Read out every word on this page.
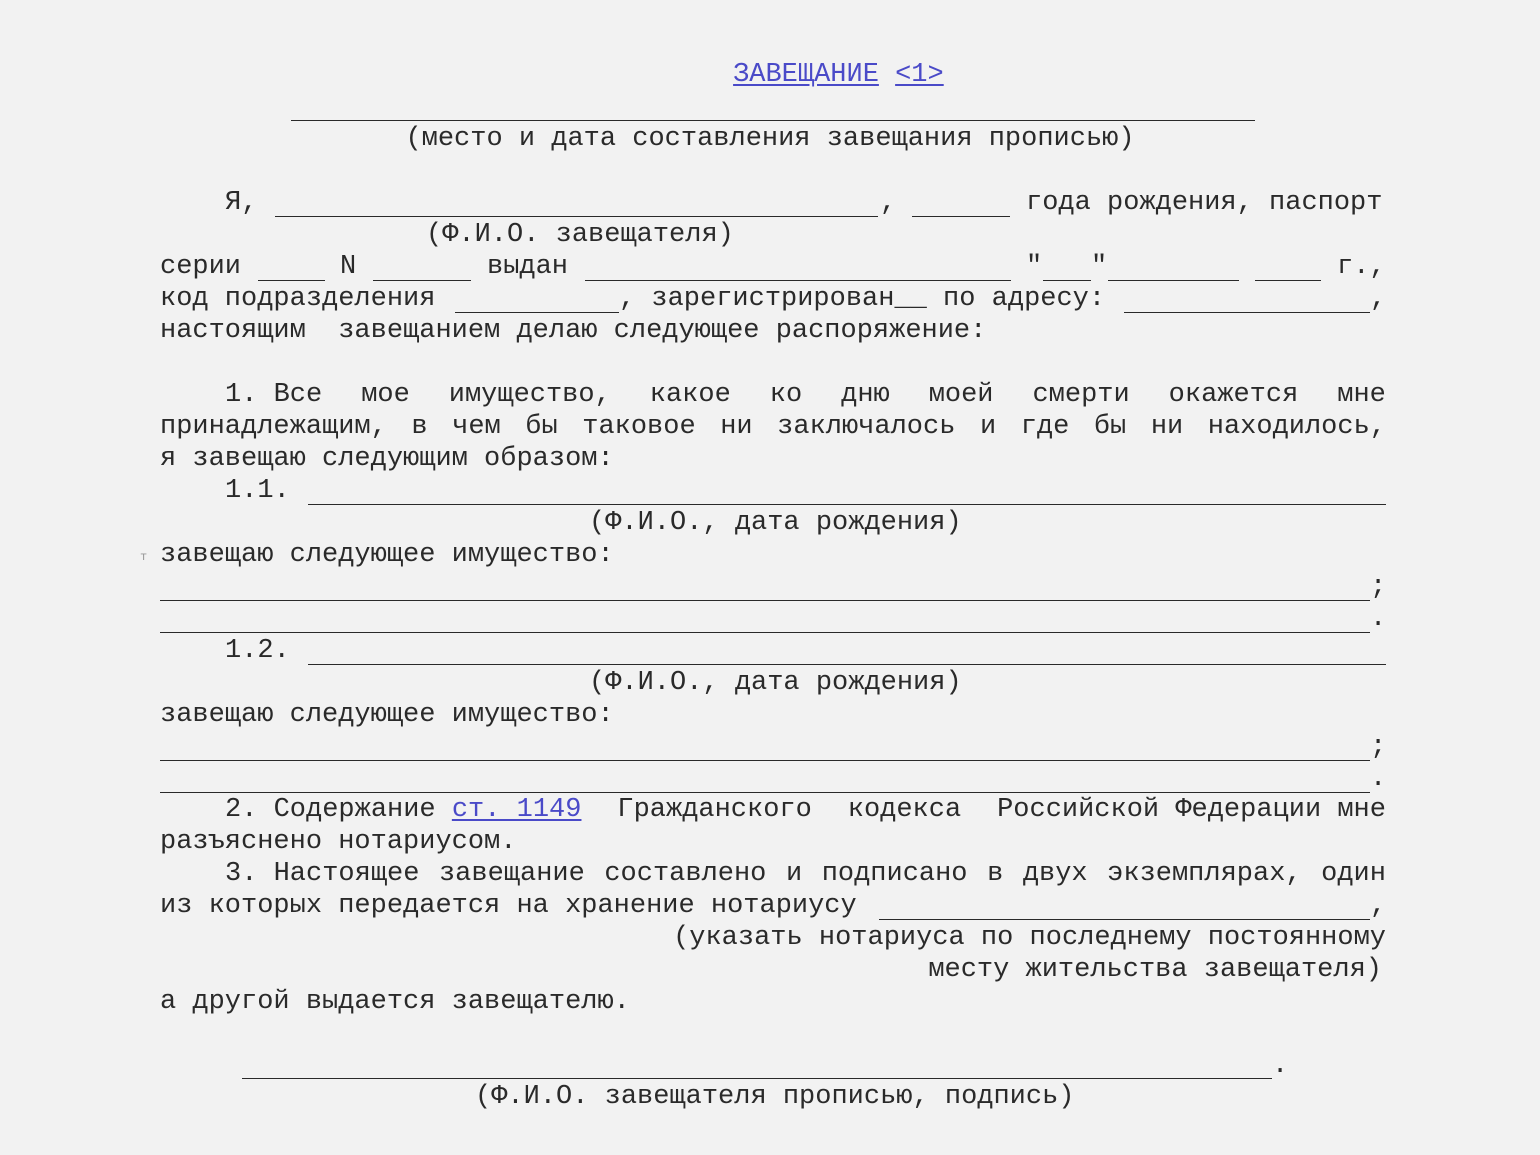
ЗАВЕЩАНИЕ <1>

(место и дата составления завещания прописью)
Я,	,	года рождения, паспорт
(Ф.И.О. завещателя)
серии	N	выдан	" "	г.,
код подразделения	, зарегистрирован__ по адресу:	,
настоящим  завещанием делаю следующее распоряжение:
1. Все мое имущество, какое ко дню моей смерти окажется мне
принадлежащим, в чем бы таковое ни заключалось и где бы ни находилось,
я завещаю следующим образом:
1.1.
(Ф.И.О., дата рождения)
т завещаю следующее имущество:
;
.
1.2.
(Ф.И.О., дата рождения)
завещаю следующее имущество:
;
.
2. Содержание ст. 1149 Гражданского кодекса Российской Федерации мне
разъяснено нотариусом.
3. Настоящее завещание составлено и подписано в двух экземплярах, один
из которых передается на хранение нотариусу	,
(указать нотариуса по последнему постоянному
месту жительства завещателя)
а другой выдается завещателю.
.
(Ф.И.О. завещателя прописью, подпись)
